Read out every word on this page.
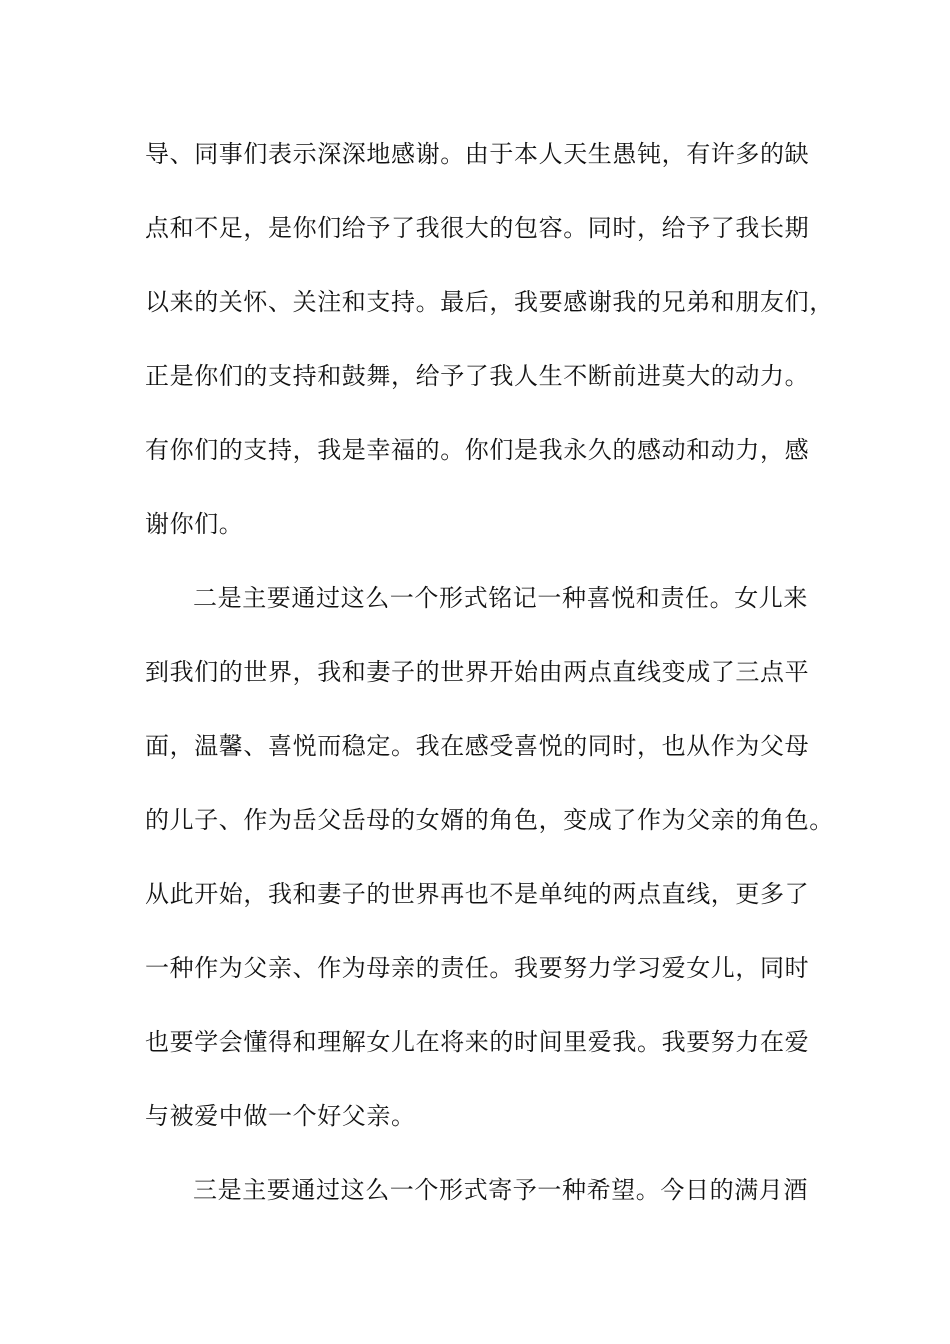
导、同事们表示深深地感谢。由于本人天生愚钝，有许多的缺
点和不足，是你们给予了我很大的包容。同时，给予了我长期
以来的关怀、关注和支持。最后，我要感谢我的兄弟和朋友们，
正是你们的支持和鼓舞，给予了我人生不断前进莫大的动力。
有你们的支持，我是幸福的。你们是我永久的感动和动力，感
谢你们。
二是主要通过这么一个形式铭记一种喜悦和责任。女儿来
到我们的世界，我和妻子的世界开始由两点直线变成了三点平
面，温馨、喜悦而稳定。我在感受喜悦的同时，也从作为父母
的儿子、作为岳父岳母的女婿的角色，变成了作为父亲的角色。
从此开始，我和妻子的世界再也不是单纯的两点直线，更多了
一种作为父亲、作为母亲的责任。我要努力学习爱女儿，同时
也要学会懂得和理解女儿在将来的时间里爱我。我要努力在爱
与被爱中做一个好父亲。
三是主要通过这么一个形式寄予一种希望。今日的满月酒
